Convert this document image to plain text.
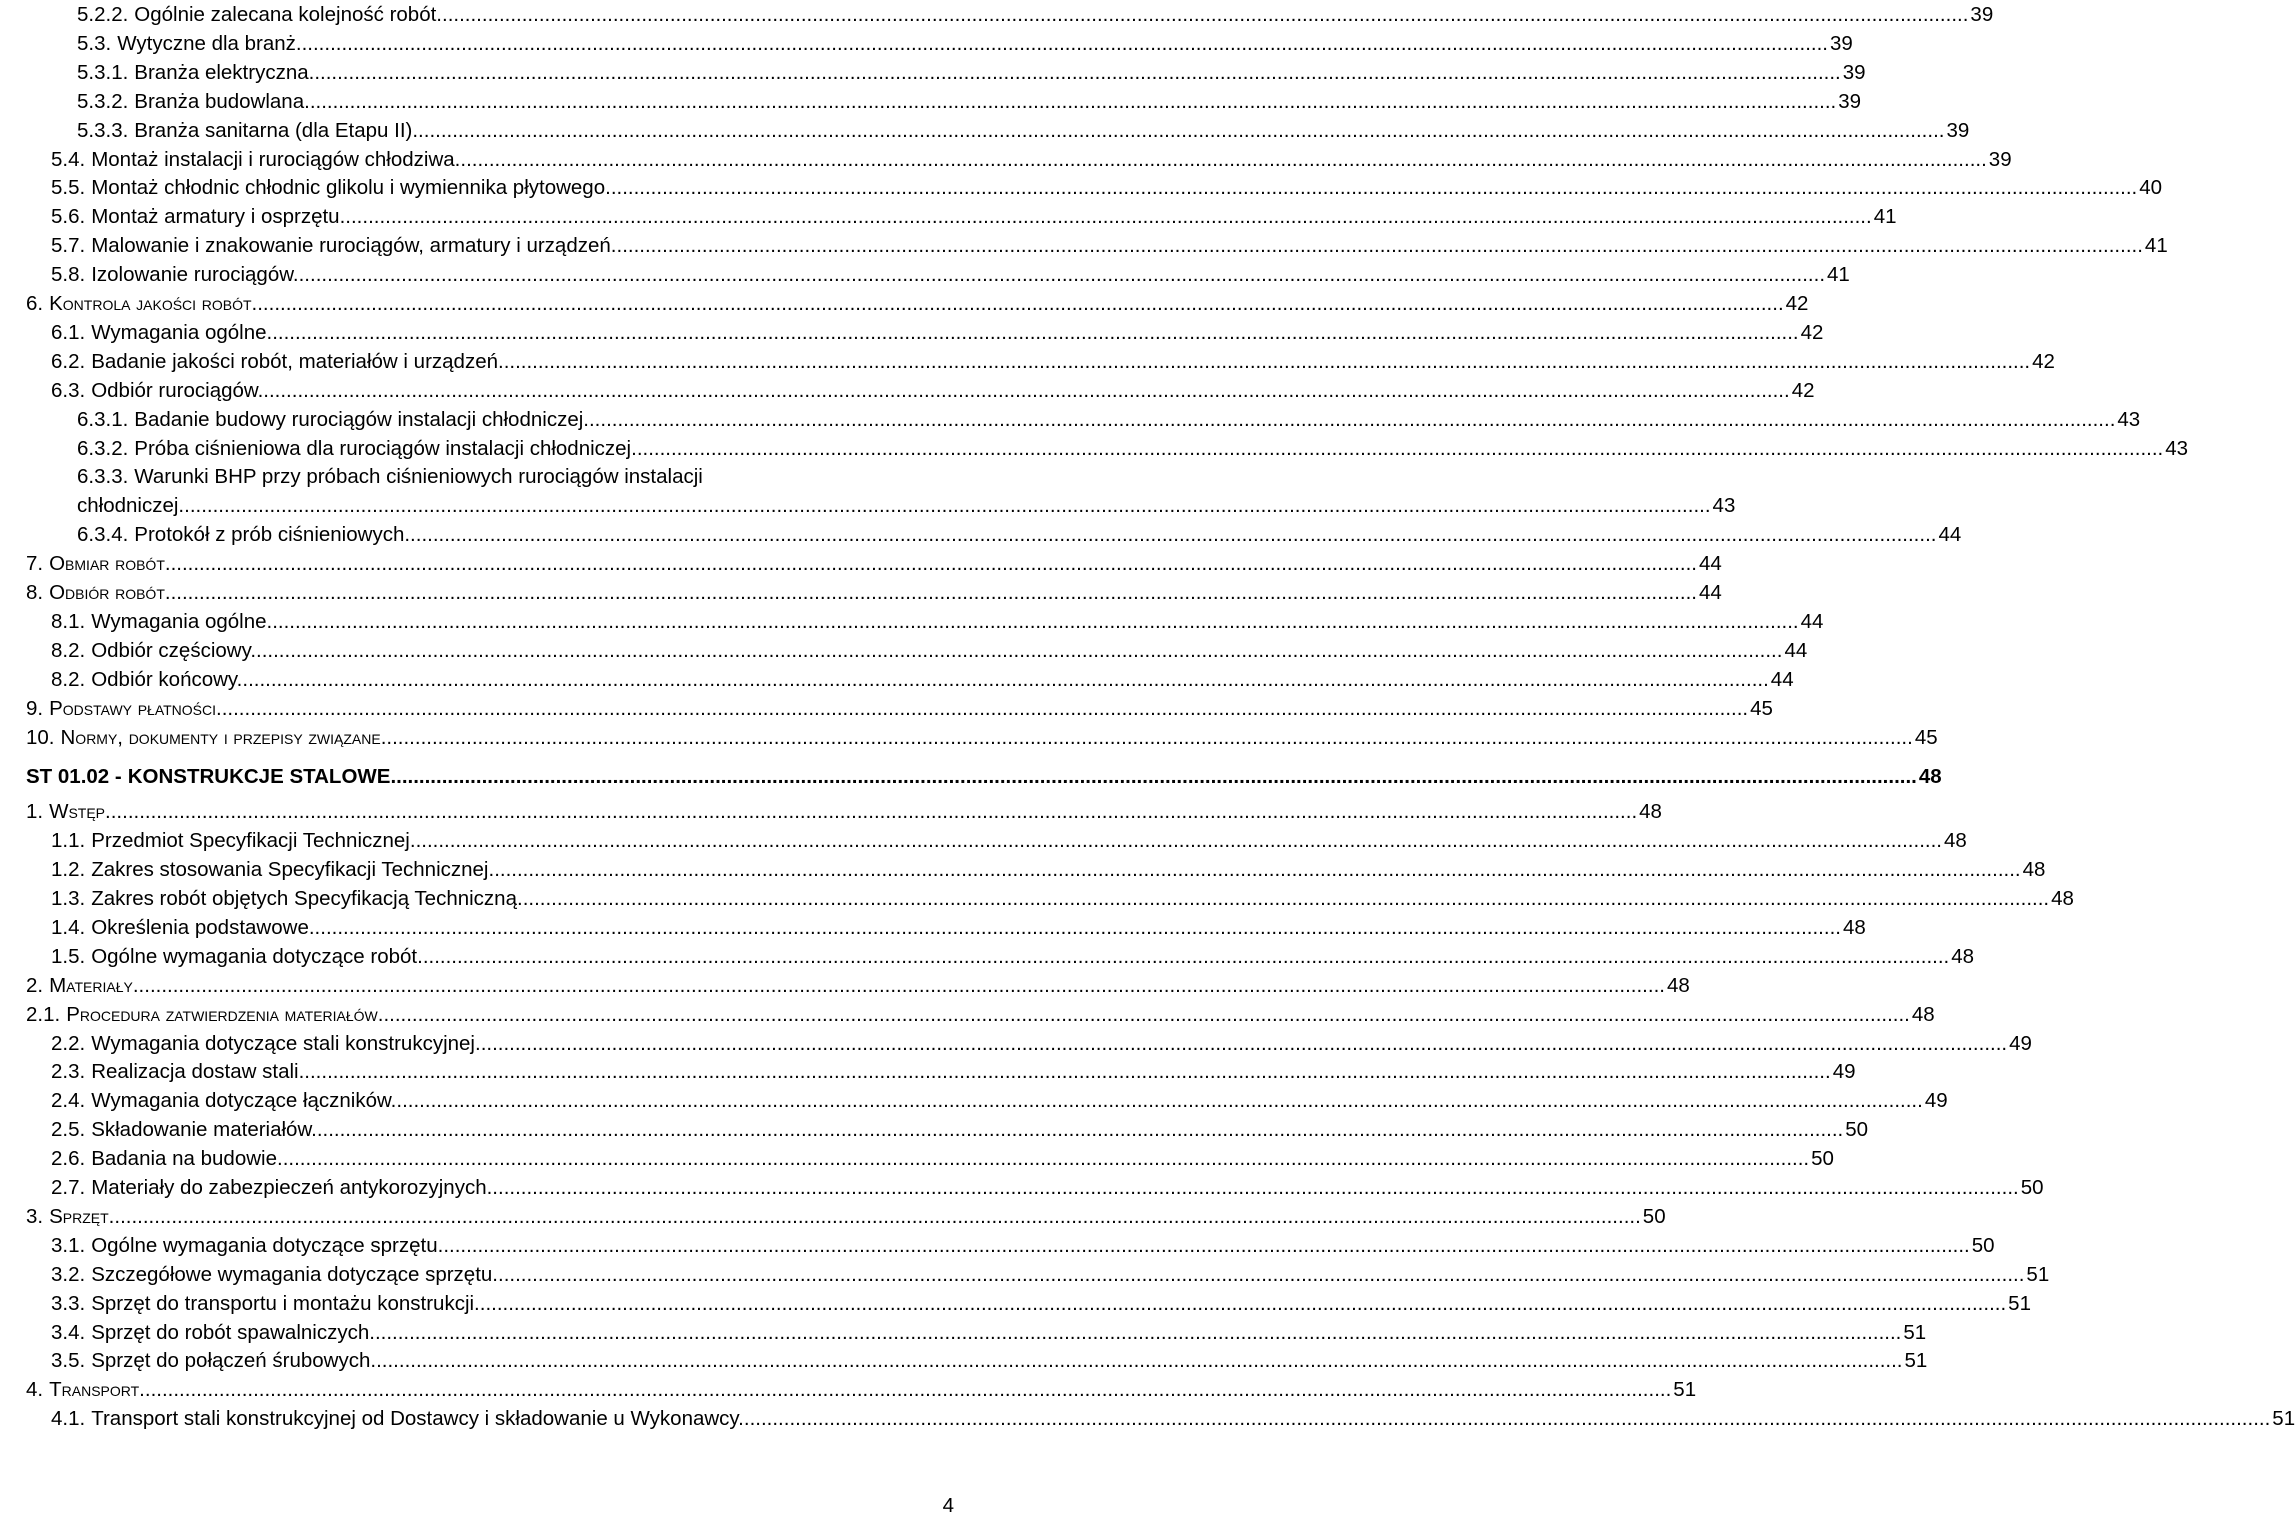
5.2.2. Ogólnie zalecana kolejność robót. .....	39
5.3. Wytyczne dla branż. .....	39
5.3.1. Branża elektryczna. .....	39
5.3.2. Branża budowlana. .....	39
5.3.3. Branża sanitarna (dla Etapu II). .....	39
5.4. Montaż instalacji i rurociągów chłodziwa. .....	39
5.5. Montaż chłodnic chłodnic glikolu i wymiennika płytowego. .....	40
5.6. Montaż armatury i osprzętu. .....	41
5.7. Malowanie i znakowanie rurociągów, armatury i urządzeń. .....	41
5.8. Izolowanie rurociągów. .....	41
6. Kontrola jakości robót. .....	42
6.1. Wymagania ogólne. .....	42
6.2. Badanie jakości robót, materiałów i urządzeń. .....	42
6.3. Odbiór rurociągów. .....	42
6.3.1. Badanie budowy rurociągów instalacji chłodniczej. .....	43
6.3.2. Próba ciśnieniowa dla rurociągów instalacji chłodniczej. .....	43
6.3.3. Warunki BHP przy próbach ciśnieniowych rurociągów instalacji
chłodniczej. .....	43
6.3.4. Protokół z prób ciśnieniowych. .....	44
7. Obmiar robót. .....	44
8. Odbiór robót. .....	44
8.1. Wymagania ogólne. .....	44
8.2. Odbiór częściowy. .....	44
8.2. Odbiór końcowy. .....	44
9. Podstawy płatności. .....	45
10. Normy, dokumenty i przepisy związane. .....	45
ST 01.02 - KONSTRUKCJE STALOWE .....	48
1. Wstęp. .....	48
1.1. Przedmiot Specyfikacji Technicznej. .....	48
1.2. Zakres stosowania Specyfikacji Technicznej. .....	48
1.3. Zakres robót objętych Specyfikacją Techniczną. .....	48
1.4. Określenia podstawowe. .....	48
1.5. Ogólne wymagania dotyczące robót. .....	48
2. Materiały. .....	48
2.1. Procedura zatwierdzenia materiałów. .....	48
2.2. Wymagania dotyczące stali konstrukcyjnej. .....	49
2.3. Realizacja dostaw stali. .....	49
2.4. Wymagania dotyczące łączników. .....	49
2.5. Składowanie materiałów. .....	50
2.6. Badania na budowie. .....	50
2.7. Materiały do zabezpieczeń antykorozyjnych. .....	50
3. Sprzęt. .....	50
3.1. Ogólne wymagania dotyczące sprzętu. .....	50
3.2. Szczegółowe wymagania dotyczące sprzętu. .....	51
3.3. Sprzęt do transportu i montażu konstrukcji. .....	51
3.4. Sprzęt do robót spawalniczych. .....	51
3.5. Sprzęt do połączeń śrubowych. .....	51
4. Transport. .....	51
4.1. Transport stali konstrukcyjnej od Dostawcy i składowanie u Wykonawcy. .....	51
4
